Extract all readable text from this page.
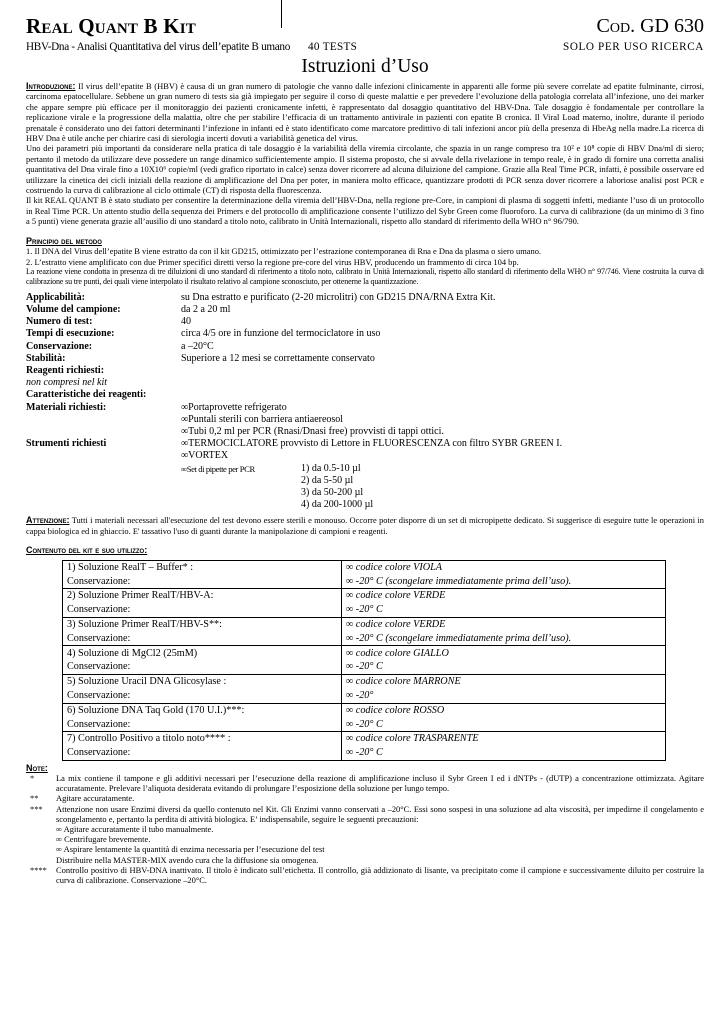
Real Quant B Kit	Cod. GD 630
HBV-Dna - Analisi Quantitativa del virus dell’epatite B umano 40 TESTS	SOLO PER USO RICERCA
Istruzioni d’Uso

Introduzione: Il virus dell’epatite B (HBV) è causa di un gran numero di patologie che vanno dalle infezioni clinicamente in apparenti alle forme più severe correlate ad epatite fulminante, cirrosi, carcinoma epatocellulare. Sebbene un gran numero di tests sia già impiegato per seguire il corso di queste malattie e per prevedere l’evoluzione della patologia correlata all’infezione, uno dei marker che appare sempre più efficace per il monitoraggio dei pazienti cronicamente infetti, è rappresentato dal dosaggio quantitativo del HBV-Dna. Tale dosaggio è fondamentale per controllare la replicazione virale e la progressione della malattia, oltre che per stabilire l’efficacia di un trattamento antivirale in pazienti con epatite B cronica. Il Viral Load materno, inoltre, durante il periodo prenatale è considerato uno dei fattori determinanti l’infezione in infanti ed è stato identificato come marcatore predittivo di tali infezioni ancor più della presenza di HbeAg nella madre.La ricerca di HBV Dna è utile anche per chiarire casi di sierologia incerti dovuti a variabilità genetica del virus.

Uno dei parametri più importanti da considerare nella pratica di tale dosaggio è la variabilità della viremia circolante, che spazia in un range compreso tra 10² e 10⁸ copie di HBV Dna/ml di siero; pertanto il metodo da utilizzare deve possedere un range dinamico sufficientemente ampio. Il sistema proposto, che si avvale della rivelazione in tempo reale, è in grado di fornire una corretta analisi quantitativa del Dna virale fino a 10X10⁶ copie/ml (vedi grafico riportato in calce) senza dover ricorrere ad alcuna diluizione del campione. Grazie alla Real Time PCR, infatti, è possibile osservare ed utilizzare la cinetica dei cicli iniziali della reazione di amplificazione del Dna per poter, in maniera molto efficace, quantizzare prodotti di PCR senza dover ricorrere a laboriose analisi post PCR e costruendo la curva di calibrazione al ciclo ottimale (CT) di risposta della fluorescenza.

Il kit REAL QUANT B è stato studiato per consentire la determinazione della viremia dell’HBV-Dna, nella regione pre-Core, in campioni di plasma di soggetti infetti, mediante l’uso di un protocollo in Real Time PCR. Un attento studio della sequenza dei Primers e del protocollo di amplificazione consente l’utilizzo del Sybr Green come fluoroforo. La curva di calibrazione (da un minimo di 3 fino a 5 punti) viene generata grazie all’ausilio di uno standard a titolo noto, calibrato in Unità Internazionali, rispetto allo standard di riferimento della WHO n° 96/790.

Principio del metodo

1. Il DNA del Virus dell’epatite B viene estratto da con il kit GD215, ottimizzato per l’estrazione contemporanea di Rna e Dna da plasma o siero umano.

2. L’estratto viene amplificato con due Primer specifici diretti verso la regione pre-core del virus HBV, producendo un frammento di circa 104 bp.

La reazione viene condotta in presenza di tre diluizioni di uno standard di riferimento a titolo noto, calibrato in Unità Internazionali, rispetto allo standard di riferimento della WHO n° 97/746. Viene costruita la curva di calibrazione su tre punti, dei quali viene interpolato il risultato relativo al campione sconosciuto, per ottenerne la quantizzazione.

Applicabilità:	su Dna estratto e purificato (2-20 microlitri) con GD215 DNA/RNA Extra Kit.
Volume del campione:	da 2 a 20 ml
Numero di test:	40
Tempi di esecuzione:	circa 4/5 ore in funzione del termociclatore in uso
Conservazione:	a –20°C
Stabilità:	Superiore a 12 mesi se correttamente conservato
Reagenti richiesti:
non compresi nel kit
Caratteristiche dei reagenti:
Materiali richiesti:	∞Portaprovette refrigerato
∞Puntali sterili con barriera antiaereosol
∞Tubi 0,2 ml per PCR (Rnasi/Dnasi free) provvisti di tappi ottici.
Strumenti richiesti	∞TERMOCICLATORE provvisto di Lettore in FLUORESCENZA con filtro SYBR GREEN I.
∞VORTEX
∞Set di pipette per PCR	1) da 0.5-10 µl
2) da 5-50 µl
3) da 50-200 µl
4) da 200-1000 µl

Attenzione: Tutti i materiali necessari all'esecuzione del test devono essere sterili e monouso. Occorre poter disporre di un set di micropipette dedicato. Si suggerisce di eseguire tutte le operazioni in cappa biologica ed in ghiaccio. E' tassativo l'uso di guanti durante la manipolazione di campioni e reagenti.

Contenuto del kit e suo utilizzo:

1) Soluzione RealT – Buffer* :	∞ codice colore VIOLA
Conservazione:	∞ -20° C (scongelare immediatamente prima dell’uso).
2) Soluzione Primer RealT/HBV-A:	∞ codice colore VERDE
Conservazione:	∞ -20° C
3) Soluzione Primer RealT/HBV-S**:	∞ codice colore VERDE
Conservazione:	∞ -20° C (scongelare immediatamente prima dell’uso).
4) Soluzione di MgCl2 (25mM)	∞ codice colore GIALLO
Conservazione:	∞ -20° C
5) Soluzione Uracil DNA Glicosylase :	∞ codice colore MARRONE
Conservazione:	∞ -20°
6) Soluzione DNA Taq Gold (170 U.I.)***:	∞ codice colore ROSSO
Conservazione:	∞ -20° C
7) Controllo Positivo a titolo noto**** :	∞ codice colore TRASPARENTE
Conservazione:	∞ -20° C
Note:
*	La mix contiene il tampone e gli additivi necessari per l’esecuzione della reazione di amplificazione incluso il Sybr Green I ed i dNTPs - (dUTP) a concentrazione ottimizzata. Agitare accuratamente. Prelevare l’aliquota desiderata evitando di prolungare l’esposizione della soluzione per lungo tempo.
**	Agitare accuratamente.
***	Attenzione non usare Enzimi diversi da quello contenuto nel Kit. Gli Enzimi vanno conservati a –20°C. Essi sono sospesi in una soluzione ad alta viscosità, per impedirne il congelamento e scongelamento e, pertanto la perdita di attività biologica. E’ indispensabile, seguire le seguenti precauzioni:
∞ Agitare accuratamente il tubo manualmente.
∞ Centrifugare brevemente.
∞ Aspirare lentamente la quantità di enzima necessaria per l’esecuzione del test
Distribuire nella MASTER-MIX avendo cura che la diffusione sia omogenea.
****	Controllo positivo di HBV-DNA inattivato. Il titolo è indicato sull’etichetta. Il controllo, già addizionato di lisante, va precipitato come il campione e successivamente diluito per costruire la curva di calibrazione. Conservazione –20°C.
